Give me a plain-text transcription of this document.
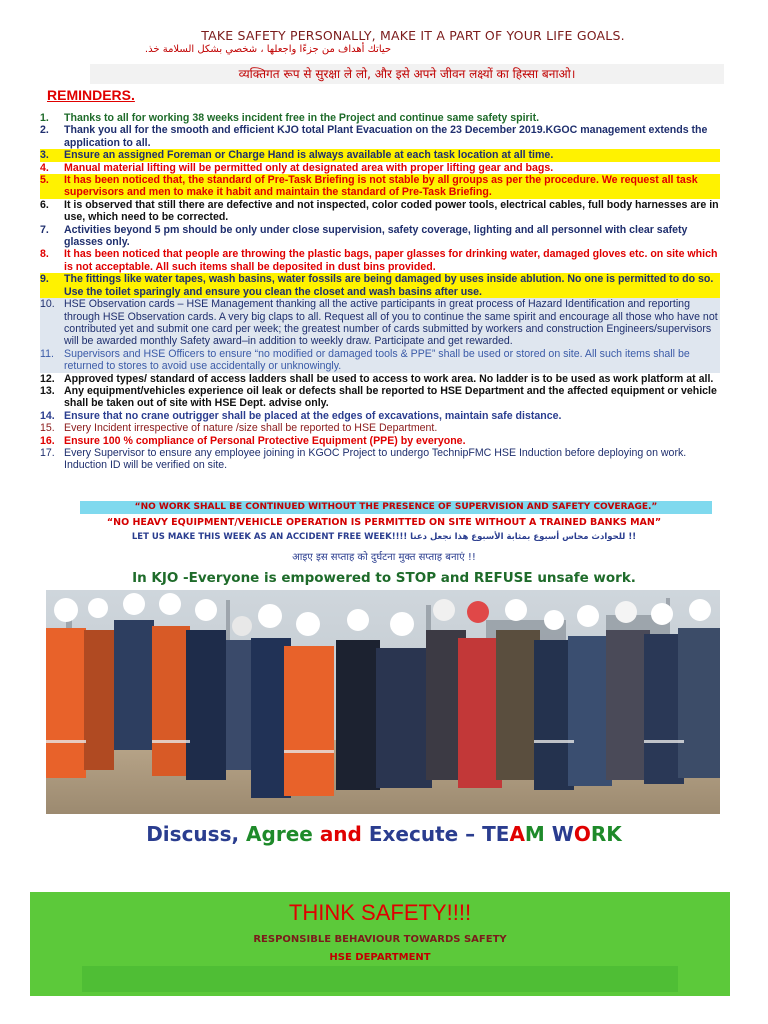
TAKE SAFETY PERSONALLY, MAKE IT A PART OF YOUR LIFE GOALS.
حياتك أهداف من جزءًا واجعلها ، شخصي بشكل السلامة خذ.
व्यक्तिगत रूप से सुरक्षा ले लो, और इसे अपने जीवन लक्ष्यों का हिस्सा बनाओ।
REMINDERS.
1.	Thanks to all for working 38 weeks incident free in the Project and continue same safety spirit.
2.	Thank you all for the smooth and efficient KJO total Plant Evacuation on the 23 December 2019.KGOC management extends the application to all.
3.	Ensure an assigned Foreman or Charge Hand is always available at each task location at all time.
4.	Manual material lifting will be permitted only at designated area with proper lifting gear and bags.
5.	It has been noticed that, the standard of Pre-Task Briefing is not stable by all groups as per the procedure. We request all task supervisors and men to make it habit and maintain the standard of Pre-Task Briefing.
6.	It is observed that still there are defective and not inspected, color coded power tools, electrical cables, full body harnesses are in use, which need to be corrected.
7.	Activities beyond 5 pm should be only under close supervision, safety coverage, lighting and all personnel with clear safety glasses only.
8.	It has been noticed that people are throwing the plastic bags, paper glasses for drinking water, damaged gloves etc. on site which is not acceptable. All such items shall be deposited in dust bins provided.
9.	The fittings like water tapes, wash basins, water fossils are being damaged by uses inside ablution. No one is permitted to do so. Use the toilet sparingly and ensure you clean the closet and wash basins after use.
10. HSE Observation cards – HSE Management thanking all the active participants in great process of Hazard Identification and reporting through HSE Observation cards. A very big claps to all. Request all of you to continue the same spirit and encourage all those who have not contributed yet and submit one card per week; the greatest number of cards submitted by workers and construction Engineers/supervisors will be awarded monthly Safety award–in addition to weekly draw. Participate and get rewarded.
11. Supervisors and HSE Officers to ensure “no modified or damaged tools & PPE” shall be used or stored on site. All such items shall be returned to stores to avoid use accidentally or unknowingly.
12. Approved types/ standard of access ladders shall be used to access to work area. No ladder is to be used as work platform at all.
13. Any equipment/vehicles experience oil leak or defects shall be reported to HSE Department and the affected equipment or vehicle shall be taken out of site with HSE Dept. advise only.
14. Ensure that no crane outrigger shall be placed at the edges of excavations, maintain safe distance.
15. Every Incident irrespective of nature /size shall be reported to HSE Department.
16. Ensure 100 % compliance of Personal Protective Equipment (PPE) by everyone.
17. Every Supervisor to ensure any employee joining in KGOC Project to undergo TechnipFMC HSE Induction before deploying on work. Induction ID will be verified on site.
“NO WORK SHALL BE CONTINUED WITHOUT THE PRESENCE OF SUPERVISION AND SAFETY COVERAGE.”
“NO HEAVY EQUIPMENT/VEHICLE OPERATION IS PERMITTED ON SITE WITHOUT A TRAINED BANKS MAN”
LET US MAKE THIS WEEK AS AN ACCIDENT FREE WEEK!!!! للحوادث محاس أسبوع بمثابة الأسبوع هذا نجعل دعنا !!
आइए इस सप्ताह को दुर्घटना मुक्त सप्ताह बनाएं !!
In KJO -Everyone is empowered to STOP and REFUSE unsafe work.
Discuss, Agree and Execute – TEAM WORK
THINK SAFETY!!!!
RESPONSIBLE BEHAVIOUR TOWARDS SAFETY
HSE DEPARTMENT
